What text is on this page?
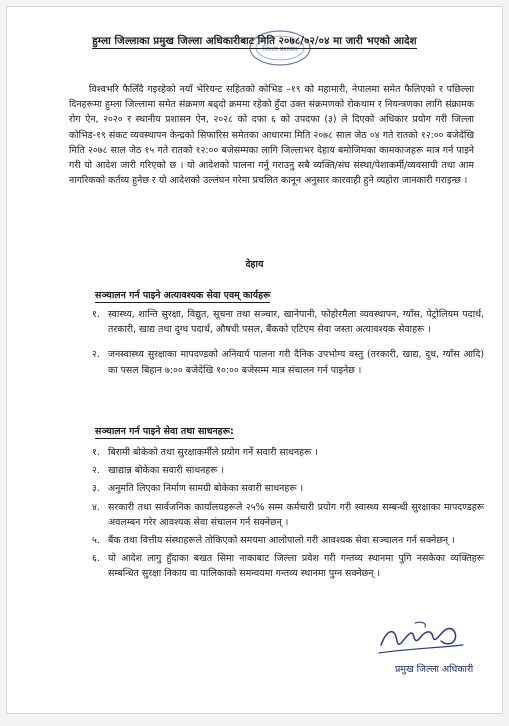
जिल्ला प्रशासन
हुम्ला जिल्लाका प्रमुख जिल्ला अधिकारीबाट मिति २०७८/०२/०४ मा जारी भएको आदेश

विश्वभरि फैलिँदै गइरहेको नयाँ भेरियन्ट सहितको कोभिड –१९ को महामारी, नेपालमा समेत फैलिएको र पछिल्ला दिनहरूमा हुम्ला जिल्लामा समेत संक्रमण बढ्दो क्रममा रहेको हुँदा उक्त संक्रमणको रोकथाम र नियन्त्रणका लागि संक्रामक रोग ऐन, २०२० र स्थानीय प्रशासन ऐन, २०२८ को दफा ६ को उपदफा (३) ले दिएको अधिकार प्रयोग गरी जिल्ला कोभिड-१९ संकट व्यवस्थापन केन्द्रको सिफारिस समेतका आधारमा मिति २०७८ साल जेठ ०४ गते रातको १२:०० बजेदेखि मिति २०७८ साल जेठ १५ गते रातको १२:०० बजेसम्मका लागि जिल्लाभर देहाय बमोजिमका कामकाजहरू मात्र गर्न पाइने गरी यो आदेश जारी गरिएको छ । यो आदेशको पालना गर्नु गराउनु सबै व्यक्ति/संघ संस्था/पेशाकर्मी/व्यवसायी तथा आम नागरिकको कर्तव्य हुनेछ र यो आदेशको उल्लंघन गरेमा प्रचलित कानून अनुसार कारवाही हुने व्यहोरा जानकारी गराइन्छ ।

देहाय
सञ्चालन गर्न पाइने अत्यावश्यक सेवा एवम् कार्यहरू
१. स्वास्थ्य, शान्ति सुरक्षा, विद्युत, सूचना तथा सञ्चार, खानेपानी, फोहोरमैला व्यवस्थापन, ग्याँस, पेट्रोलियम पदार्थ, तरकारी, खाद्य तथा दुग्ध पदार्थ, औषधी पसल, बैंकको एटिएम सेवा जस्ता अत्यावश्यक सेवाहरू ।
२. जनस्वास्थ्य सुरक्षाका मापदण्डको अनिवार्य पालना गरी दैनिक उपभोग्य वस्तु (तरकारी, खाद्य, दुध, ग्याँस आदि) का पसल बिहान ७:०० बजेदेखि १०:०० बजेसम्म मात्र संचालन गर्न पाइनेछ ।
सञ्चालन गर्न पाइने सेवा तथा साधनहरू:
१. बिरामी बोकेको तथा सुरक्षाकर्मीले प्रयोग गर्ने सवारी साधनहरू ।
२. खाद्यान्न बोकेका सवारी साधनहरू ।
३. अनुमति लिएका निर्माण सामग्री बोकेका सवारी साधनहरू ।
४. सरकारी तथा सार्वजनिक कार्यालयहरूले २५% सम्म कर्मचारी प्रयोग गरी स्वास्थ्य सम्बन्धी सुरक्षाका मापदण्डहरू अवलम्बन गरेर आवश्यक सेवा संचालन गर्न सक्नेछन् ।
५. बैंक तथा वित्तीय संस्थाहरूले तोकिएको समयमा आलोपालो गरी आवश्यक सेवा सञ्चालन गर्न सक्नेछन् ।
६. यो आदेश लागु हुँदाका बखत सिमा नाकाबाट जिल्ला प्रवेश गरी गन्तव्य स्थानमा पुगि नसकेका व्यक्तिहरू सम्बन्धित सुरक्षा निकाय वा पालिकाको समन्वयमा गन्तव्य स्थानमा पुग्न सक्नेछन् ।
प्रमुख जिल्ला अधिकारी
